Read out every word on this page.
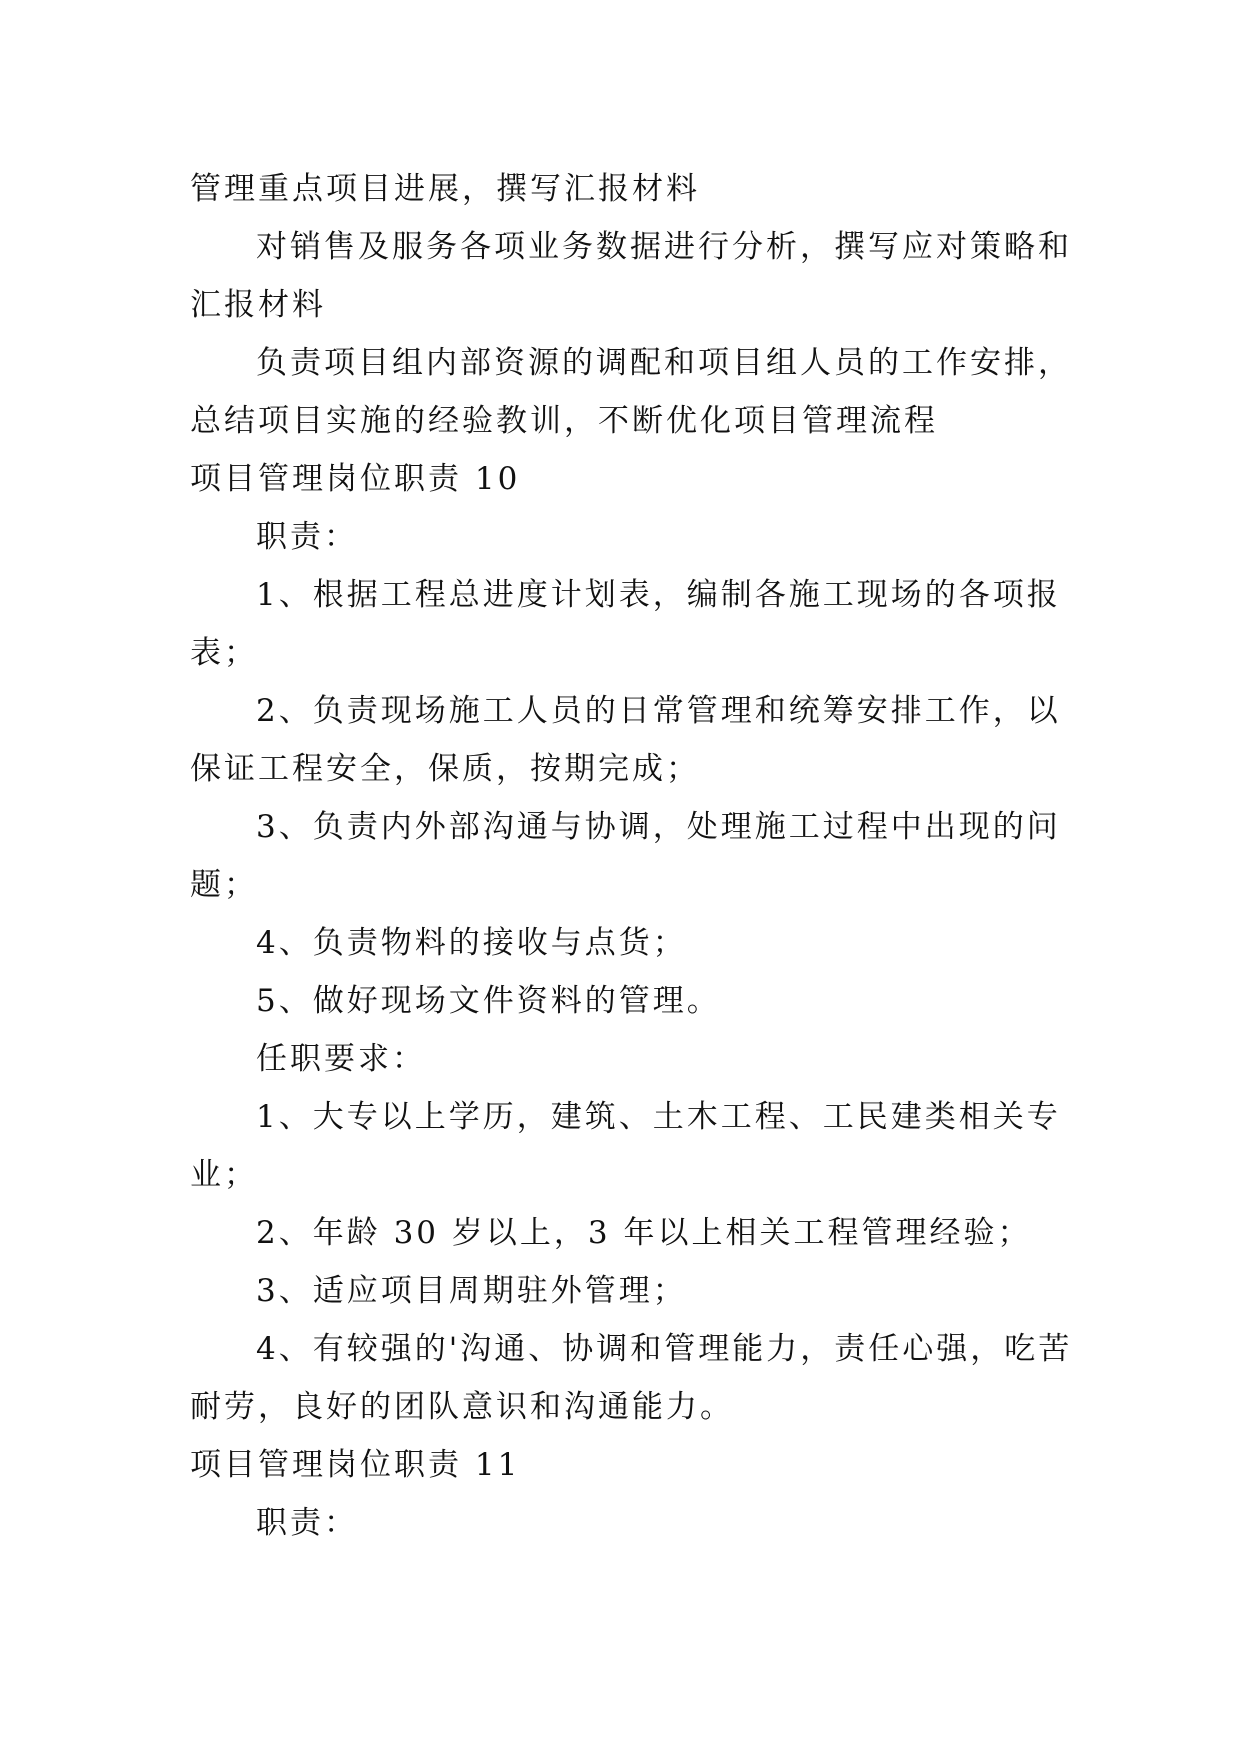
管理重点项目进展，撰写汇报材料
对销售及服务各项业务数据进行分析，撰写应对策略和
汇报材料
负责项目组内部资源的调配和项目组人员的工作安排，
总结项目实施的经验教训，不断优化项目管理流程
项目管理岗位职责 10
职责：
1、根据工程总进度计划表，编制各施工现场的各项报
表；
2、负责现场施工人员的日常管理和统筹安排工作，以
保证工程安全，保质，按期完成；
3、负责内外部沟通与协调，处理施工过程中出现的问
题；
4、负责物料的接收与点货；
5、做好现场文件资料的管理。
任职要求：
1、大专以上学历，建筑、土木工程、工民建类相关专
业；
2、年龄 30 岁以上，3 年以上相关工程管理经验；
3、适应项目周期驻外管理；
4、有较强的'沟通、协调和管理能力，责任心强，吃苦
耐劳，良好的团队意识和沟通能力。
项目管理岗位职责 11
职责：
